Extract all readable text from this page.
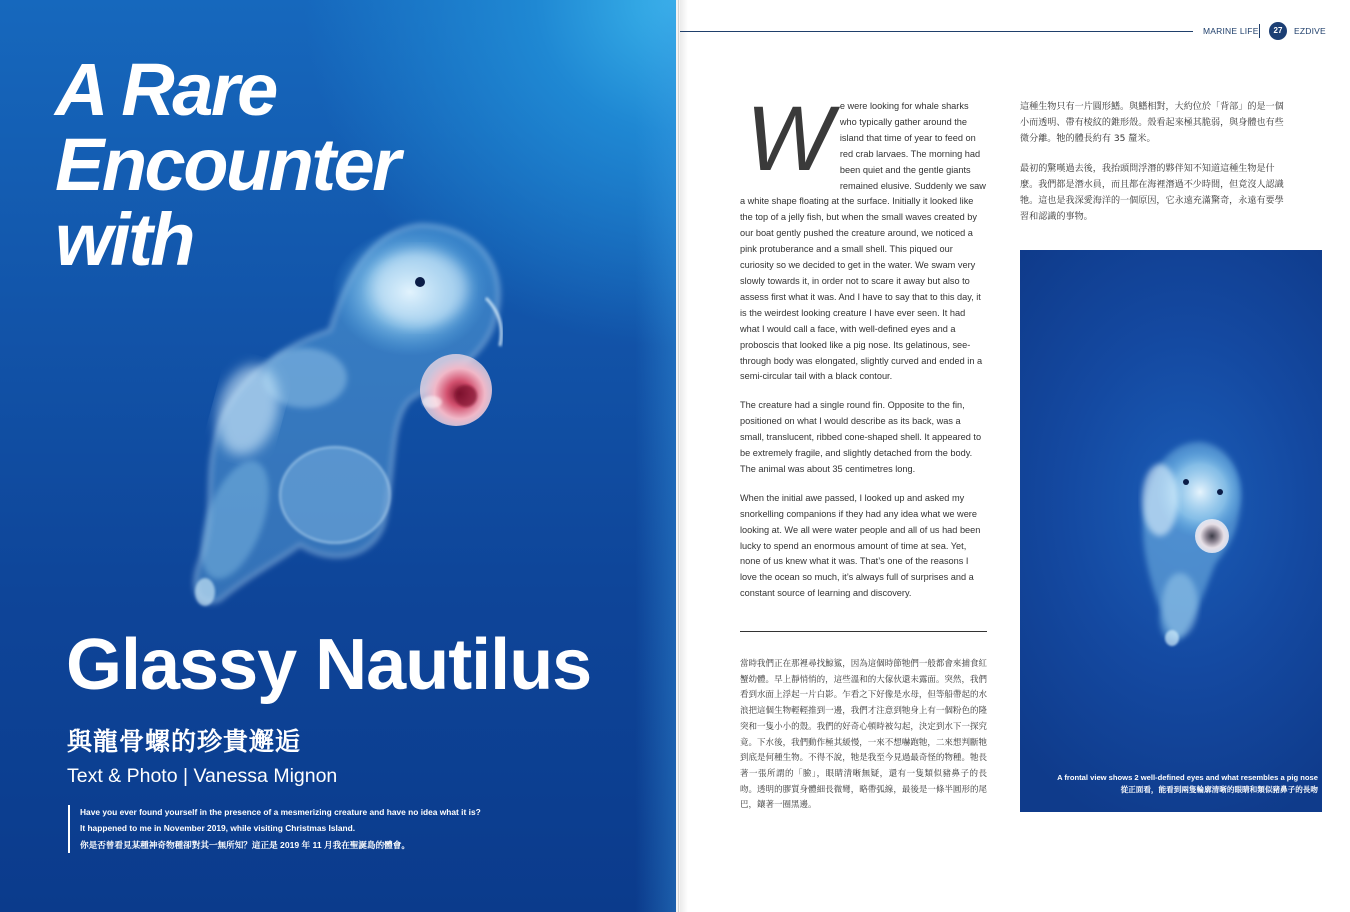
A Rare
Encounter
with
Glassy Nautilus
與龍骨螺的珍貴邂逅
Text & Photo | Vanessa Mignon
Have you ever found yourself in the presence of a mesmerizing creature and have no idea what it is? It happened to me in November 2019, while visiting Christmas Island.
你是否曾看見某種神奇物種卻對其一無所知？這正是 2019 年 11 月我在聖誕島的體會。
MARINE LIFE	27	EZDIVE

We were looking for whale sharks who typically gather around the island that time of year to feed on red crab larvaes. The morning had been quiet and the gentle giants remained elusive. Suddenly we saw a white shape floating at the surface. Initially it looked like the top of a jelly fish, but when the small waves created by our boat gently pushed the creature around, we noticed a pink protuberance and a small shell. This piqued our curiosity so we decided to get in the water. We swam very slowly towards it, in order not to scare it away but also to assess first what it was. And I have to say that to this day, it is the weirdest looking creature I have ever seen. It had what I would call a face, with well-defined eyes and a proboscis that looked like a pig nose. Its gelatinous, see-through body was elongated, slightly curved and ended in a semi-circular tail with a black contour.

The creature had a single round fin. Opposite to the fin, positioned on what I would describe as its back, was a small, translucent, ribbed cone-shaped shell. It appeared to be extremely fragile, and slightly detached from the body. The animal was about 35 centimetres long.

When the initial awe passed, I looked up and asked my snorkelling companions if they had any idea what we were looking at. We all were water people and all of us had been lucky to spend an enormous amount of time at sea. Yet, none of us knew what it was. That’s one of the reasons I love the ocean so much, it’s always full of surprises and a constant source of learning and discovery.

當時我們正在那裡尋找鯨鯊，因為這個時節牠們一般都會來捕食紅蟹幼體。早上靜悄悄的，這些溫和的大傢伙還未露面。突然，我們看到水面上浮起一片白影。乍看之下好像是水母，但等船帶起的水浪把這個生物輕輕推到一邊，我們才注意到牠身上有一個粉色的隆突和一隻小小的殼。我們的好奇心頓時被勾起，決定到水下一探究竟。下水後，我們動作極其緩慢，一來不想嚇跑牠，二來想判斷牠到底是何種生物。不得不說，牠是我至今見過最奇怪的物種。牠長著一張所謂的「臉」，眼睛清晰無疑，還有一隻類似豬鼻子的長吻。透明的膠質身體細長微彎，略帶弧線，最後是一條半圓形的尾巴，鑲著一圈黑邊。

這種生物只有一片圓形鰭。與鰭相對，大約位於「背部」的是一個小而透明、帶有棱紋的錐形殼。殼看起來極其脆弱，與身體也有些微分離。牠的體長約有 35 釐米。

最初的驚嘆過去後，我抬頭問浮潛的夥伴知不知道這種生物是什麼。我們都是潛水員，而且都在海裡潛過不少時間，但竟沒人認識牠。這也是我深愛海洋的一個原因，它永遠充滿驚奇，永遠有要學習和認識的事物。

A frontal view shows 2 well-defined eyes and what resembles a pig nose
從正面看，能看到兩隻輪廓清晰的眼睛和類似豬鼻子的長吻
